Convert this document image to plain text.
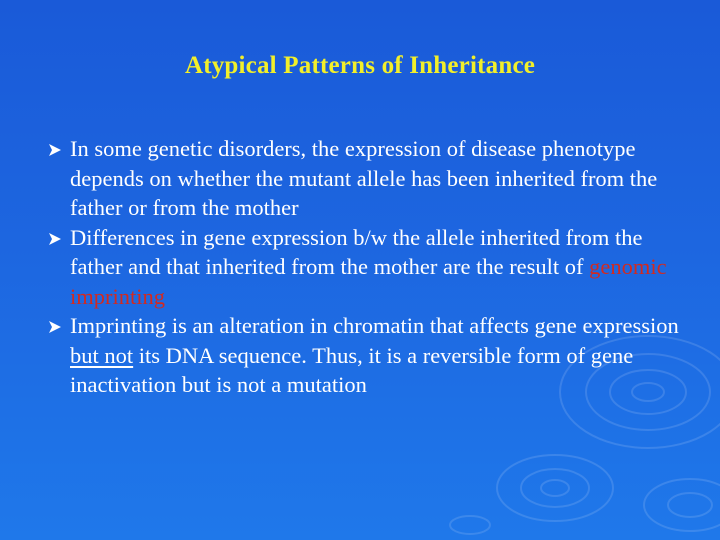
Atypical Patterns of Inheritance
In some genetic disorders, the expression of disease phenotype depends on whether the mutant allele has been inherited from the father or from the mother
Differences in gene expression b/w the allele inherited from the father and that inherited from the mother are the result of genomic imprinting
Imprinting is an alteration in chromatin that affects gene expression but not its DNA sequence. Thus, it is a reversible form of gene inactivation but is not a mutation
